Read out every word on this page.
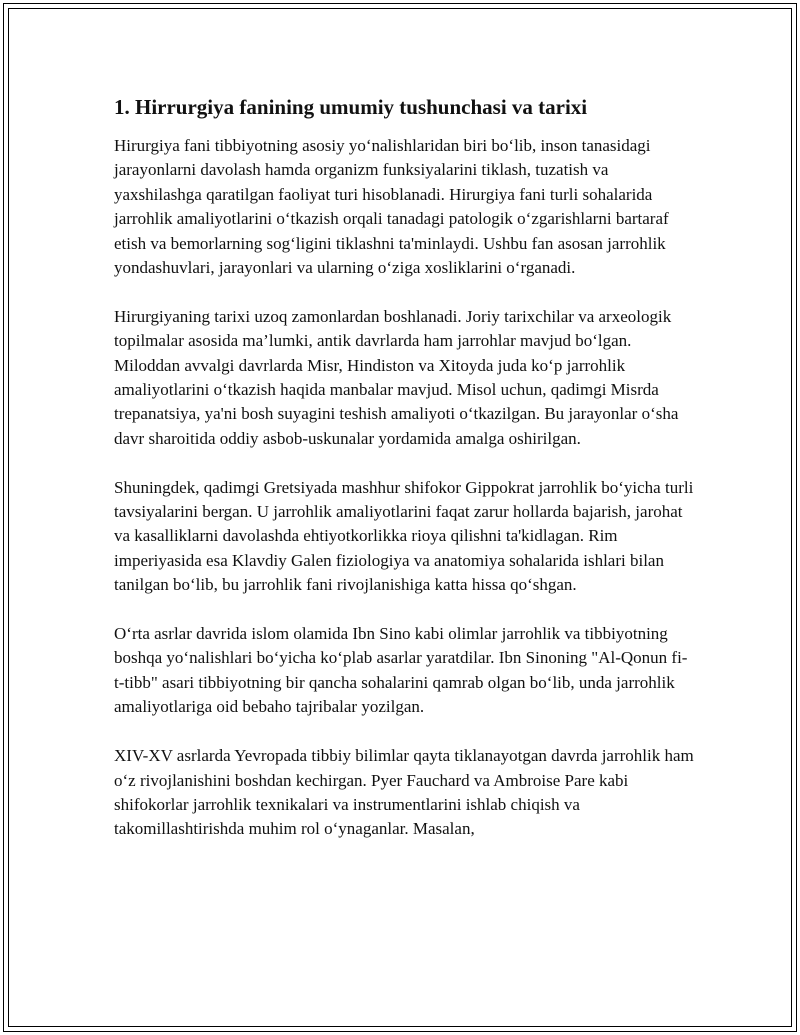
1. Hirrurgiya fanining umumiy tushunchasi va tarixi

Hirurgiya fani tibbiyotning asosiy yo‘nalishlaridan biri bo‘lib, inson tanasidagi jarayonlarni davolash hamda organizm funksiyalarini tiklash, tuzatish va yaxshilashga qaratilgan faoliyat turi hisoblanadi. Hirurgiya fani turli sohalarida jarrohlik amaliyotlarini o‘tkazish orqali tanadagi patologik o‘zgarishlarni bartaraf etish va bemorlarning sog‘ligini tiklashni ta'minlaydi. Ushbu fan asosan jarrohlik yondashuvlari, jarayonlari va ularning o‘ziga xosliklarini o‘rganadi.

Hirurgiyaning tarixi uzoq zamonlardan boshlanadi. Joriy tarixchilar va arxeologik topilmalar asosida ma’lumki, antik davrlarda ham jarrohlar mavjud bo‘lgan. Miloddan avvalgi davrlarda Misr, Hindiston va Xitoyda juda ko‘p jarrohlik amaliyotlarini o‘tkazish haqida manbalar mavjud. Misol uchun, qadimgi Misrda trepanatsiya, ya'ni bosh suyagini teshish amaliyoti o‘tkazilgan. Bu jarayonlar o‘sha davr sharoitida oddiy asbob-uskunalar yordamida amalga oshirilgan.

Shuningdek, qadimgi Gretsiyada mashhur shifokor Gippokrat jarrohlik bo‘yicha turli tavsiyalarini bergan. U jarrohlik amaliyotlarini faqat zarur hollarda bajarish, jarohat va kasalliklarni davolashda ehtiyotkorlikka rioya qilishni ta'kidlagan. Rim imperiyasida esa Klavdiy Galen fiziologiya va anatomiya sohalarida ishlari bilan tanilgan bo‘lib, bu jarrohlik fani rivojlanishiga katta hissa qo‘shgan.

O‘rta asrlar davrida islom olamida Ibn Sino kabi olimlar jarrohlik va tibbiyotning boshqa yo‘nalishlari bo‘yicha ko‘plab asarlar yaratdilar. Ibn Sinoning "Al-Qonun fi-t-tibb" asari tibbiyotning bir qancha sohalarini qamrab olgan bo‘lib, unda jarrohlik amaliyotlariga oid bebaho tajribalar yozilgan.

XIV-XV asrlarda Yevropada tibbiy bilimlar qayta tiklanayotgan davrda jarrohlik ham o‘z rivojlanishini boshdan kechirgan. Pyer Fauchard va Ambroise Pare kabi shifokorlar jarrohlik texnikalari va instrumentlarini ishlab chiqish va takomillashtirishda muhim rol o‘ynaganlar. Masalan,
